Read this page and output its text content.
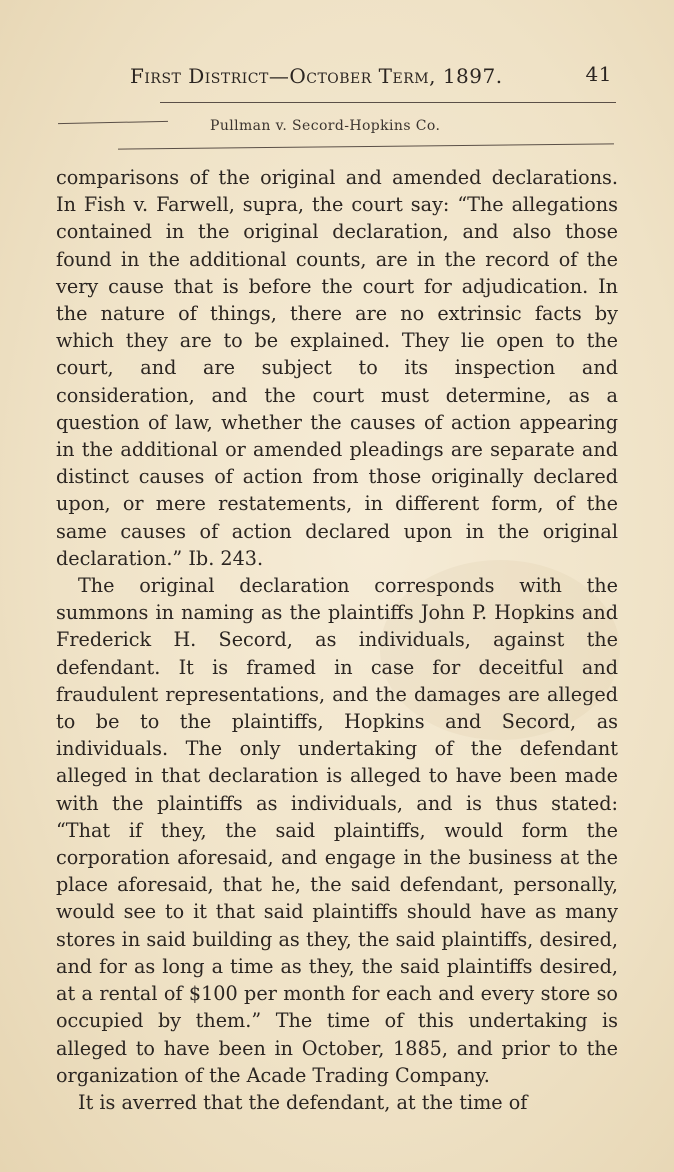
First District—October Term, 1897.	41
Pullman v. Secord-Hopkins Co.

comparisons of the original and amended declarations. In Fish v. Farwell, supra, the court say: “The allegations contained in the original declaration, and also those found in the additional counts, are in the record of the very cause that is before the court for adjudication. In the nature of things, there are no extrinsic facts by which they are to be explained. They lie open to the court, and are subject to its inspection and consideration, and the court must determine, as a question of law, whether the causes of action appearing in the additional or amended pleadings are separate and distinct causes of action from those originally declared upon, or mere restatements, in different form, of the same causes of action declared upon in the original declaration.” Ib. 243.

The original declaration corresponds with the summons in naming as the plaintiffs John P. Hopkins and Frederick H. Secord, as individuals, against the defendant. It is framed in case for deceitful and fraudulent representations, and the damages are alleged to be to the plaintiffs, Hopkins and Secord, as individuals. The only undertaking of the defendant alleged in that declaration is alleged to have been made with the plaintiffs as individuals, and is thus stated: “That if they, the said plaintiffs, would form the corporation aforesaid, and engage in the business at the place aforesaid, that he, the said defendant, personally, would see to it that said plaintiffs should have as many stores in said building as they, the said plaintiffs, desired, and for as long a time as they, the said plaintiffs desired, at a rental of $100 per month for each and every store so occupied by them.” The time of this undertaking is alleged to have been in October, 1885, and prior to the organization of the Acade Trading Company.

It is averred that the defendant, at the time of
